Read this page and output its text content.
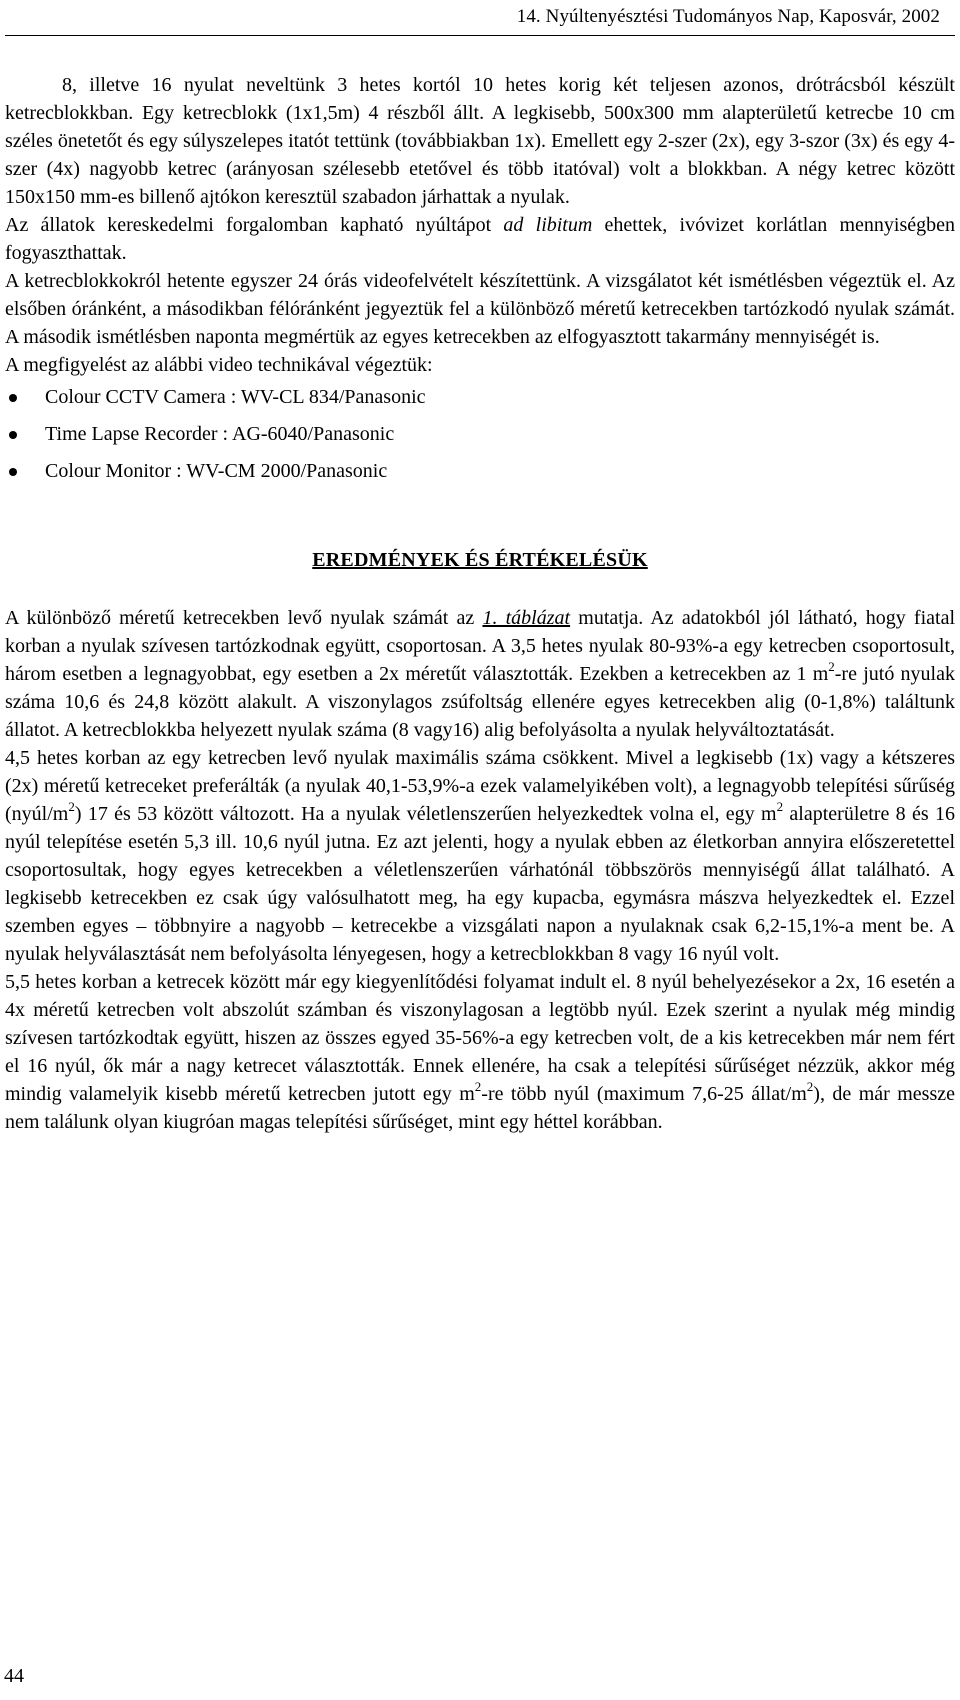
14. Nyúltenyésztési Tudományos Nap, Kaposvár, 2002

8, illetve 16 nyulat neveltünk 3 hetes kortól 10 hetes korig két teljesen azonos, drótrácsból készült ketrecblokkban. Egy ketrecblokk (1x1,5m) 4 részből állt. A legkisebb, 500x300 mm alapterületű ketrecbe 10 cm széles önetetőt és egy súlyszelepes itatót tettünk (továbbiakban 1x). Emellett egy 2-szer (2x), egy 3-szor (3x) és egy 4-szer (4x) nagyobb ketrec (arányosan szélesebb etetővel és több itatóval) volt a blokkban. A négy ketrec között 150x150 mm-es billenő ajtókon keresztül szabadon járhattak a nyulak.

Az állatok kereskedelmi forgalomban kapható nyúltápot ad libitum ehettek, ivóvizet korlátlan mennyiségben fogyaszthattak.

A ketrecblokkokról hetente egyszer 24 órás videofelvételt készítettünk. A vizsgálatot két ismétlésben végeztük el. Az elsőben óránként, a másodikban félóránként jegyeztük fel a különböző méretű ketrecekben tartózkodó nyulak számát. A második ismétlésben naponta megmértük az egyes ketrecekben az elfogyasztott takarmány mennyiségét is.

A megfigyelést az alábbi video technikával végeztük:

Colour CCTV Camera : WV-CL 834/Panasonic
Time Lapse Recorder : AG-6040/Panasonic
Colour Monitor : WV-CM 2000/Panasonic
EREDMÉNYEK ÉS ÉRTÉKELÉSÜK

A különböző méretű ketrecekben levő nyulak számát az 1. táblázat mutatja. Az adatokból jól látható, hogy fiatal korban a nyulak szívesen tartózkodnak együtt, csoportosan. A 3,5 hetes nyulak 80-93%-a egy ketrecben csoportosult, három esetben a legnagyobbat, egy esetben a 2x méretűt választották. Ezekben a ketrecekben az 1 $m^2-re$ jutó nyulak száma 10,6 és 24,8 között alakult. A viszonylagos zsúfoltság ellenére egyes ketrecekben alig (0-1,8%) találtunk állatot. A ketrecblokkba helyezett nyulak száma (8 vagy16) alig befolyásolta a nyulak helyváltoztatását.

4,5 hetes korban az egy ketrecben levő nyulak maximális száma csökkent. Mivel a legkisebb (1x) vagy a kétszeres (2x) méretű ketreceket preferálták (a nyulak 40,1-53,9%-a ezek valamelyikében volt), a legnagyobb telepítési sűrűség $(nyúl/m^2)$ 17 és 53 között változott. Ha a nyulak véletlenszerűen helyezkedtek volna el, egy $m^2$ alapterületre 8 és 16 nyúl telepítése esetén 5,3 ill. 10,6 nyúl jutna. Ez azt jelenti, hogy a nyulak ebben az életkorban annyira előszeretettel csoportosultak, hogy egyes ketrecekben a véletlenszerűen várhatónál többszörös mennyiségű állat található. A legkisebb ketrecekben ez csak úgy valósulhatott meg, ha egy kupacba, egymásra mászva helyezkedtek el. Ezzel szemben egyes – többnyire a nagyobb – ketrecekbe a vizsgálati napon a nyulaknak csak 6,2-15,1%-a ment be. A nyulak helyválasztását nem befolyásolta lényegesen, hogy a ketrecblokkban 8 vagy 16 nyúl volt.

5,5 hetes korban a ketrecek között már egy kiegyenlítődési folyamat indult el. 8 nyúl behelyezésekor a 2x, 16 esetén a 4x méretű ketrecben volt abszolút számban és viszonylagosan a legtöbb nyúl. Ezek szerint a nyulak még mindig szívesen tartózkodtak együtt, hiszen az összes egyed 35-56%-a egy ketrecben volt, de a kis ketrecekben már nem fért el 16 nyúl, ők már a nagy ketrecet választották. Ennek ellenére, ha csak a telepítési sűrűséget nézzük, akkor még mindig valamelyik kisebb méretű ketrecben jutott egy $m^2-re$ több nyúl (maximum 7,6-25 állat/$m^2$), de már messze nem találunk olyan kiugróan magas telepítési sűrűséget, mint egy héttel korábban.

44
